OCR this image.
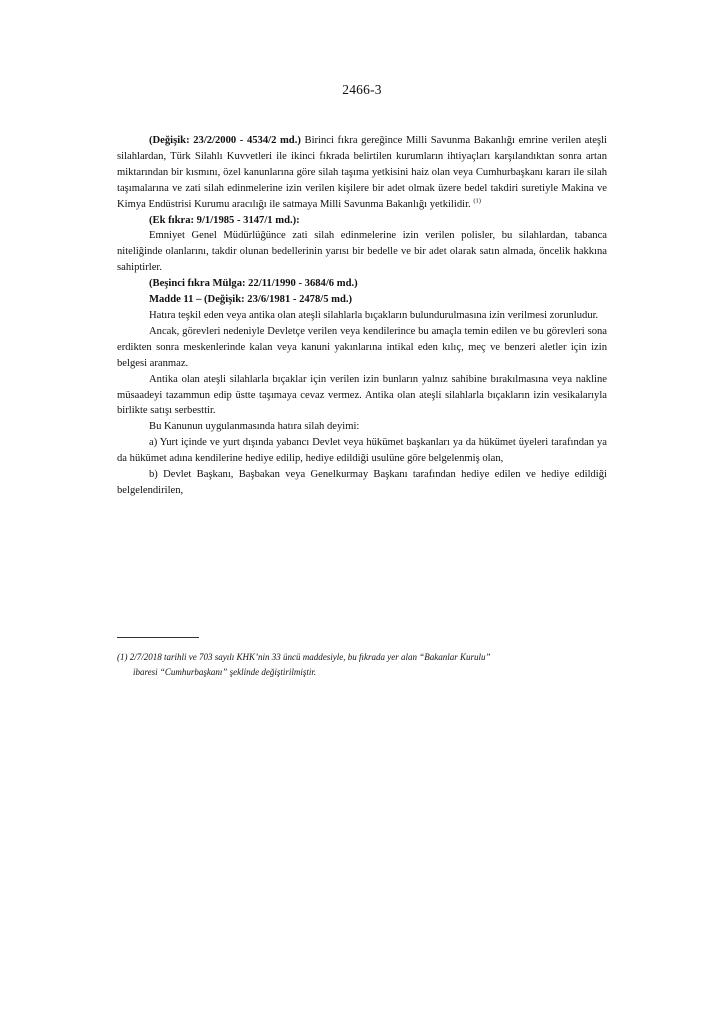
2466-3

(Değişik: 23/2/2000 - 4534/2 md.) Birinci fıkra gereğince Milli Savunma Bakanlığı emrine verilen ateşli silahlardan, Türk Silahlı Kuvvetleri ile ikinci fıkrada belirtilen kurumların ihtiyaçları karşılandıktan sonra artan miktarından bir kısmını, özel kanunlarına göre silah taşıma yetkisini haiz olan veya Cumhurbaşkanı kararı ile silah taşımalarına ve zati silah edinmelerine izin verilen kişilere bir adet olmak üzere bedel takdiri suretiyle Makina ve Kimya Endüstrisi Kurumu aracılığı ile satmaya Milli Savunma Bakanlığı yetkilidir. $^{(1)}$

(Ek fıkra: 9/1/1985 - 3147/1 md.):

Emniyet Genel Müdürlüğünce zati silah edinmelerine izin verilen polisler, bu silahlardan, tabanca niteliğinde olanlarını, takdir olunan bedellerinin yarısı bir bedelle ve bir adet olarak satın almada, öncelik hakkına sahiptirler.

(Beşinci fıkra Mülga: 22/11/1990 - 3684/6 md.)

Madde 11 – (Değişik: 23/6/1981 - 2478/5 md.)

Hatıra teşkil eden veya antika olan ateşli silahlarla bıçakların bulundurulmasına izin verilmesi zorunludur.

Ancak, görevleri nedeniyle Devletçe verilen veya kendilerince bu amaçla temin edilen ve bu görevleri sona erdikten sonra meskenlerinde kalan veya kanuni yakınlarına intikal eden kılıç, meç ve benzeri aletler için izin belgesi aranmaz.

Antika olan ateşli silahlarla bıçaklar için verilen izin bunların yalnız sahibine bırakılmasına veya nakline müsaadeyi tazammun edip üstte taşımaya cevaz vermez. Antika olan ateşli silahlarla bıçakların izin vesikalarıyla birlikte satışı serbesttir.

Bu Kanunun uygulanmasında hatıra silah deyimi:

a) Yurt içinde ve yurt dışında yabancı Devlet veya hükümet başkanları ya da hükümet üyeleri tarafından ya da hükümet adına kendilerine hediye edilip, hediye edildiği usulüne göre belgelenmiş olan,

b) Devlet Başkanı, Başbakan veya Genelkurmay Başkanı tarafından hediye edilen ve hediye edildiği belgelendirilen,

(1) 2/7/2018 tarihli ve 703 sayılı KHK’nin 33 üncü maddesiyle, bu fıkrada yer alan “Bakanlar Kurulu”
ibaresi “Cumhurbaşkanı” şeklinde değiştirilmiştir.
